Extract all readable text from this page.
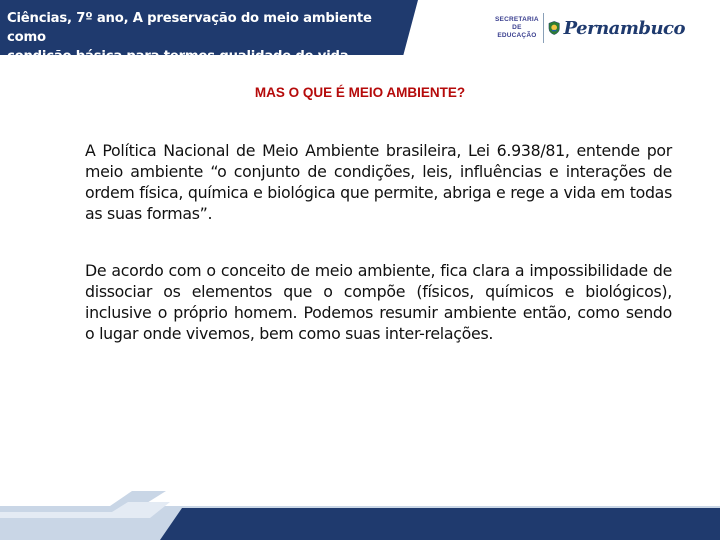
Ciências, 7º ano, A preservação do meio ambiente como
condição básica para termos qualidade de vida.
SECRETARIA
DE EDUCAÇÃO Pernambuco
MAS O QUE É MEIO AMBIENTE?

A Política Nacional de Meio Ambiente brasileira, Lei 6.938/81, entende por meio ambiente “o conjunto de condições, leis, influências e interações de ordem física, química e biológica que permite, abriga e rege a vida em todas as suas formas”.

De acordo com o conceito de meio ambiente, fica clara a impossibilidade de dissociar os elementos que o compõe (físicos, químicos e biológicos), inclusive o próprio homem. Podemos resumir ambiente então, como sendo o lugar onde vivemos, bem como suas inter-relações.
